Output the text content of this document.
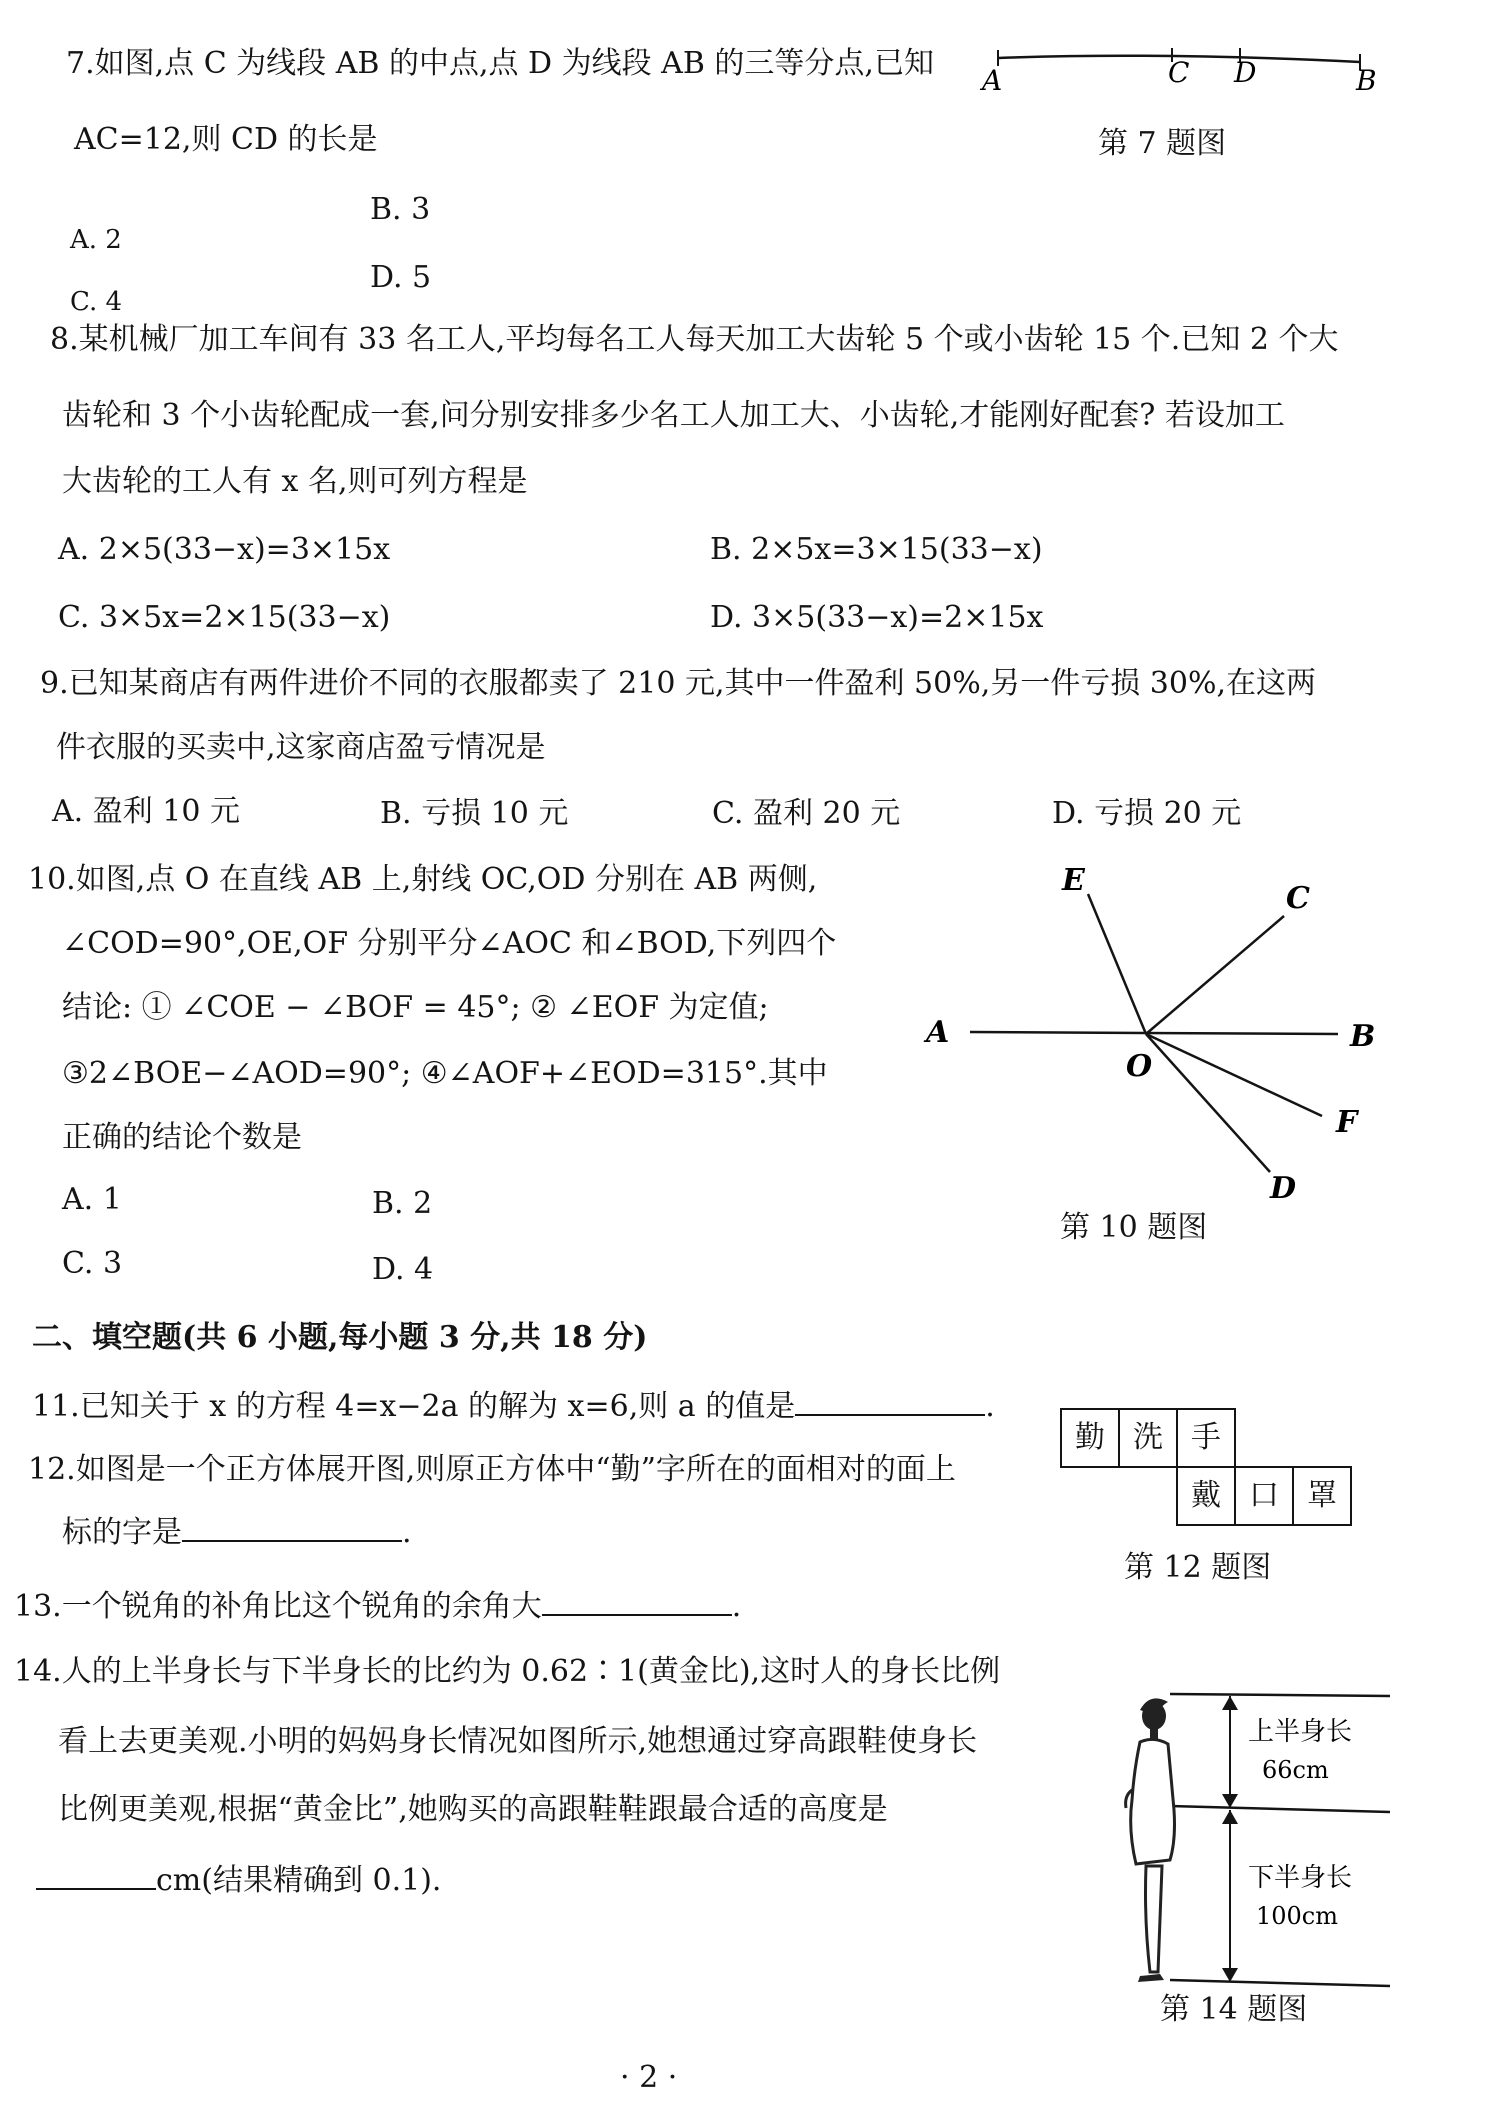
7.如图,点 C 为线段 AB 的中点,点 D 为线段 AB 的三等分点,已知
AC=12,则 CD 的长是
A. 2
B. 3
C. 4
D. 5
A	C D	B
第 7 题图
8.某机械厂加工车间有 33 名工人,平均每名工人每天加工大齿轮 5 个或小齿轮 15 个.已知 2 个大
齿轮和 3 个小齿轮配成一套,问分别安排多少名工人加工大、小齿轮,才能刚好配套? 若设加工
大齿轮的工人有 x 名,则可列方程是
A. 2×5(33−x)=3×15x	B. 2×5x=3×15(33−x)
C. 3×5x=2×15(33−x)	D. 3×5(33−x)=2×15x
9.已知某商店有两件进价不同的衣服都卖了 210 元,其中一件盈利 50%,另一件亏损 30%,在这两
件衣服的买卖中,这家商店盈亏情况是
A. 盈利 10 元	B. 亏损 10 元	C. 盈利 20 元	D. 亏损 20 元
10.如图,点 O 在直线 AB 上,射线 OC,OD 分别在 AB 两侧,
∠COD=90°,OE,OF 分别平分∠AOC 和∠BOD,下列四个
结论: ① ∠COE − ∠BOF = 45°; ② ∠EOF 为定值;
③2∠BOE−∠AOD=90°; ④∠AOF+∠EOD=315°.其中
正确的结论个数是
A. 1	B. 2
C. 3	D. 4
E
C
A
O
B
F
D
第 10 题图
二、填空题(共 6 小题,每小题 3 分,共 18 分)
11.已知关于 x 的方程 4=x−2a 的解为 x=6,则 a 的值是	.
12.如图是一个正方体展开图,则原正方体中“勤”字所在的面相对的面上
标的字是	.
勤 洗 手
戴 口 罩
第 12 题图
13.一个锐角的补角比这个锐角的余角大	.
14.人的上半身长与下半身长的比约为 0.62∶1(黄金比),这时人的身长比例
看上去更美观.小明的妈妈身长情况如图所示,她想通过穿高跟鞋使身长
比例更美观,根据“黄金比”,她购买的高跟鞋鞋跟最合适的高度是
cm(结果精确到 0.1).
上半身长
66cm
下半身长
100cm
第 14 题图
· 2 ·
